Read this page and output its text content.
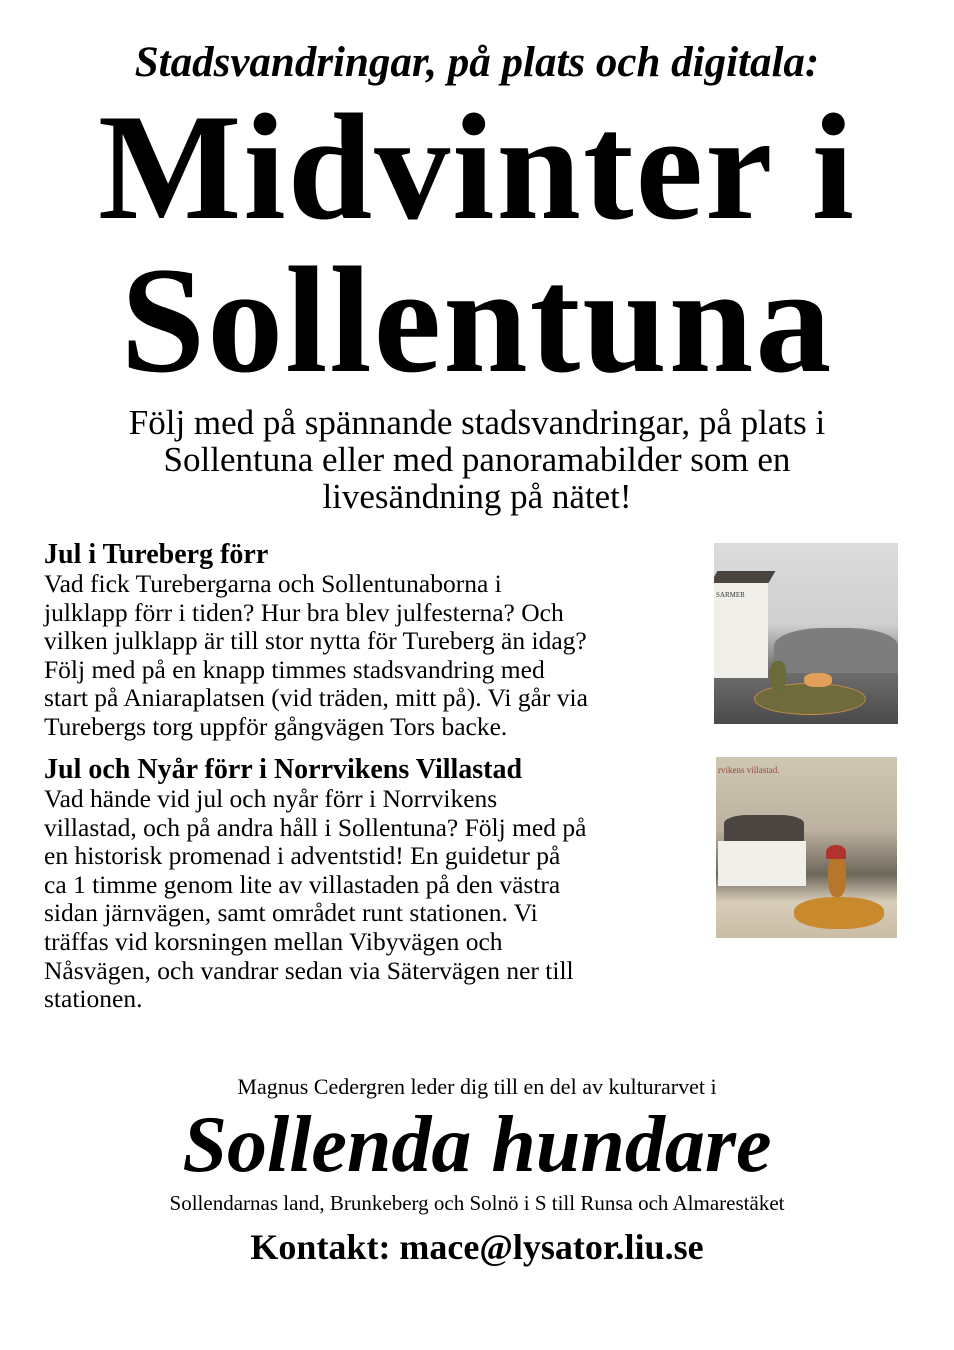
Stadsvandringar, på plats och digitala:
Midvinter i
Sollentuna
Följ med på spännande stadsvandringar, på plats i
Sollentuna eller med panoramabilder som en
livesändning på nätet!
Jul i Tureberg förr
Vad fick Turebergarna och Sollentunaborna i
julklapp förr i tiden? Hur bra blev julfesterna? Och
vilken julklapp är till stor nytta för Tureberg än idag?
Följ med på en knapp timmes stadsvandring med
start på Aniaraplatsen (vid träden, mitt på). Vi går via
Turebergs torg uppför gångvägen Tors backe.
SARMER
Jul och Nyår förr i Norrvikens Villastad
Vad hände vid jul och nyår förr i Norrvikens
villastad, och på andra håll i Sollentuna? Följ med på
en historisk promenad i adventstid! En guidetur på
ca 1 timme genom lite av villastaden på den västra
sidan järnvägen, samt området runt stationen. Vi
träffas vid korsningen mellan Vibyvägen och
Nåsvägen, och vandrar sedan via Sätervägen ner till
stationen.
rvikens villastad.
Magnus Cedergren leder dig till en del av kulturarvet i
Sollenda hundare
Sollendarnas land, Brunkeberg och Solnö i S till Runsa och Almarestäket
Kontakt: mace@lysator.liu.se
